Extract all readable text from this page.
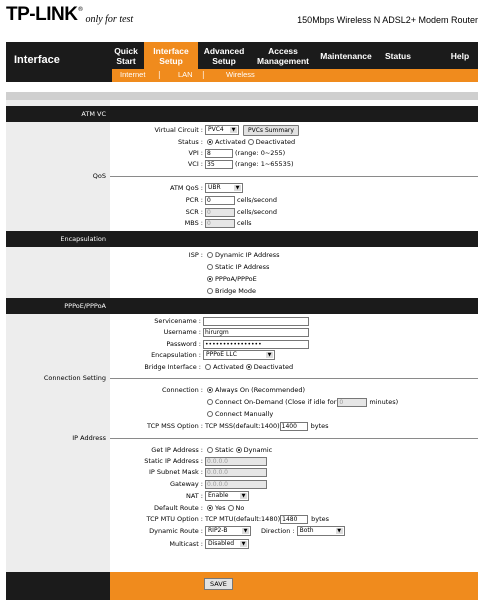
TP-LINK ®
only for test	150Mbps Wireless N ADSL2+ Modem Router
Interface
Quick
Start
Interface
Setup
Advanced
Setup
Access
Management Maintenance Status	Help
Internet | LAN |	Wireless
ATM VC
Virtual Circuit : PVC4 ▼	PVCs Summary
Status :	Activated Deactivated
VPI : 8	(range: 0~255)
VCI : 35	(range: 1~65535)
QoS
ATM QoS : UBR ▼
PCR : 0	cells/second
SCR : 0	cells/second
MBS : 0	cells
Encapsulation
ISP :	Dynamic IP Address
Static IP Address
PPPoA/PPPoE
Bridge Mode
PPPoE/PPPoA
Servicename :
Username : hirurgm
Password : ••••••••••••••••
Encapsulation : PPPoE LLC ▼
Bridge Interface :	Activated Deactivated
Connection Setting
Connection :	Always On (Recommended)
Connect On-Demand (Close if idle for 0	minutes)
Connect Manually
TCP MSS Option : TCP MSS(default:1400) 1400	bytes
IP Address
Get IP Address :	Static Dynamic
Static IP Address : 0.0.0.0
IP Subnet Mask : 0.0.0.0
Gateway : 0.0.0.0
NAT : Enable ▼
Default Route :	Yes No
TCP MTU Option : TCP MTU(default:1480) 1480	bytes
Dynamic Route : RIP2-B ▼	Direction : Both ▼
Multicast : Disabled ▼
SAVE
